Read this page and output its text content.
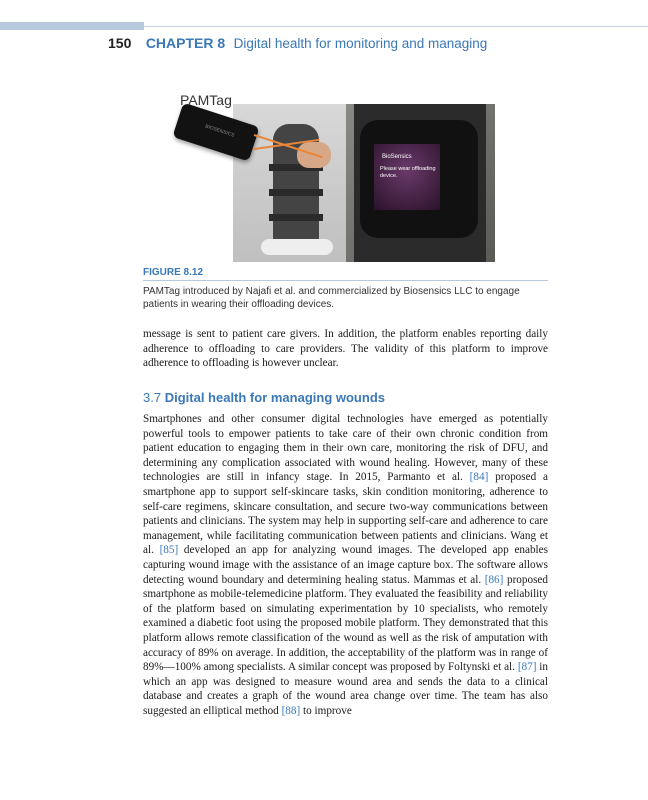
150 CHAPTER 8 Digital health for monitoring and managing
BioSensics
Please wear offloading device.
BIOSENSICS
PAMTag
FIGURE 8.12
PAMTag introduced by Najafi et al. and commercialized by Biosensics LLC to engage patients in wearing their offloading devices.
message is sent to patient care givers. In addition, the platform enables reporting daily adherence to offloading to care providers. The validity of this platform to improve adherence to offloading is however unclear.
3.7 Digital health for managing wounds
Smartphones and other consumer digital technologies have emerged as potentially powerful tools to empower patients to take care of their own chronic condition from patient education to engaging them in their own care, monitoring the risk of DFU, and determining any complication associated with wound healing. However, many of these technologies are still in infancy stage. In 2015, Parmanto et al. [84] proposed a smartphone app to support self-skincare tasks, skin condition monitoring, adherence to self-care regimens, skincare consultation, and secure two-way communications between patients and clinicians. The system may help in supporting self-care and adherence to care management, while facilitating communication between patients and clinicians. Wang et al. [85] developed an app for analyzing wound images. The developed app enables capturing wound image with the assistance of an image capture box. The software allows detecting wound boundary and determining healing status. Mammas et al. [86] proposed smartphone as mobile-telemedicine platform. They evaluated the feasibility and reliability of the platform based on simulating experimentation by 10 specialists, who remotely examined a diabetic foot using the proposed mobile platform. They demonstrated that this platform allows remote classification of the wound as well as the risk of amputation with accuracy of 89% on average. In addition, the acceptability of the platform was in range of 89%—100% among specialists. A similar concept was proposed by Foltynski et al. [87] in which an app was designed to measure wound area and sends the data to a clinical database and creates a graph of the wound area change over time. The team has also suggested an elliptical method [88] to improve
